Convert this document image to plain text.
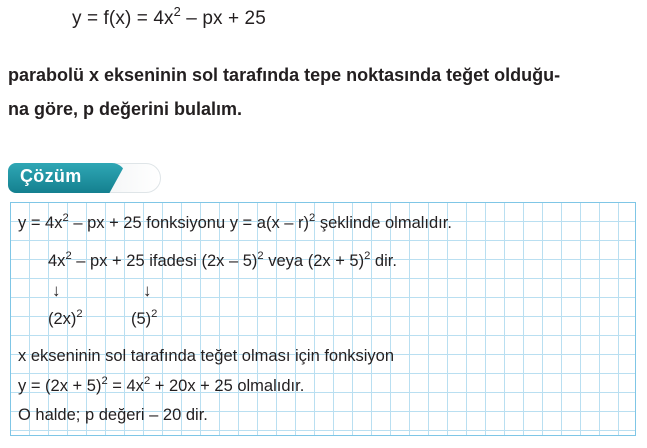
$y = f(x) = 4x^2$ – px + 25
parabolü x ekseninin sol tarafında tepe noktasında teğet olduğu-
na göre, p değerini bulalım.
Çözüm
$y = 4x^2$ – px + 25 fonksiyonu y = a(x – r)$^2$ şeklinde olmalıdır.
$4x^2$ – px + 25 ifadesi (2x – 5)$^2$ veya $(2x + 5)^2$ dir.
↓	↓
$(2x)^2$	$(5)^2$
x ekseninin sol tarafında teğet olması için fonksiyon
$y = (2x + 5)^2 = 4x^2 + 20x + 25$ olmalıdır.
O halde; p değeri – 20 dir.
